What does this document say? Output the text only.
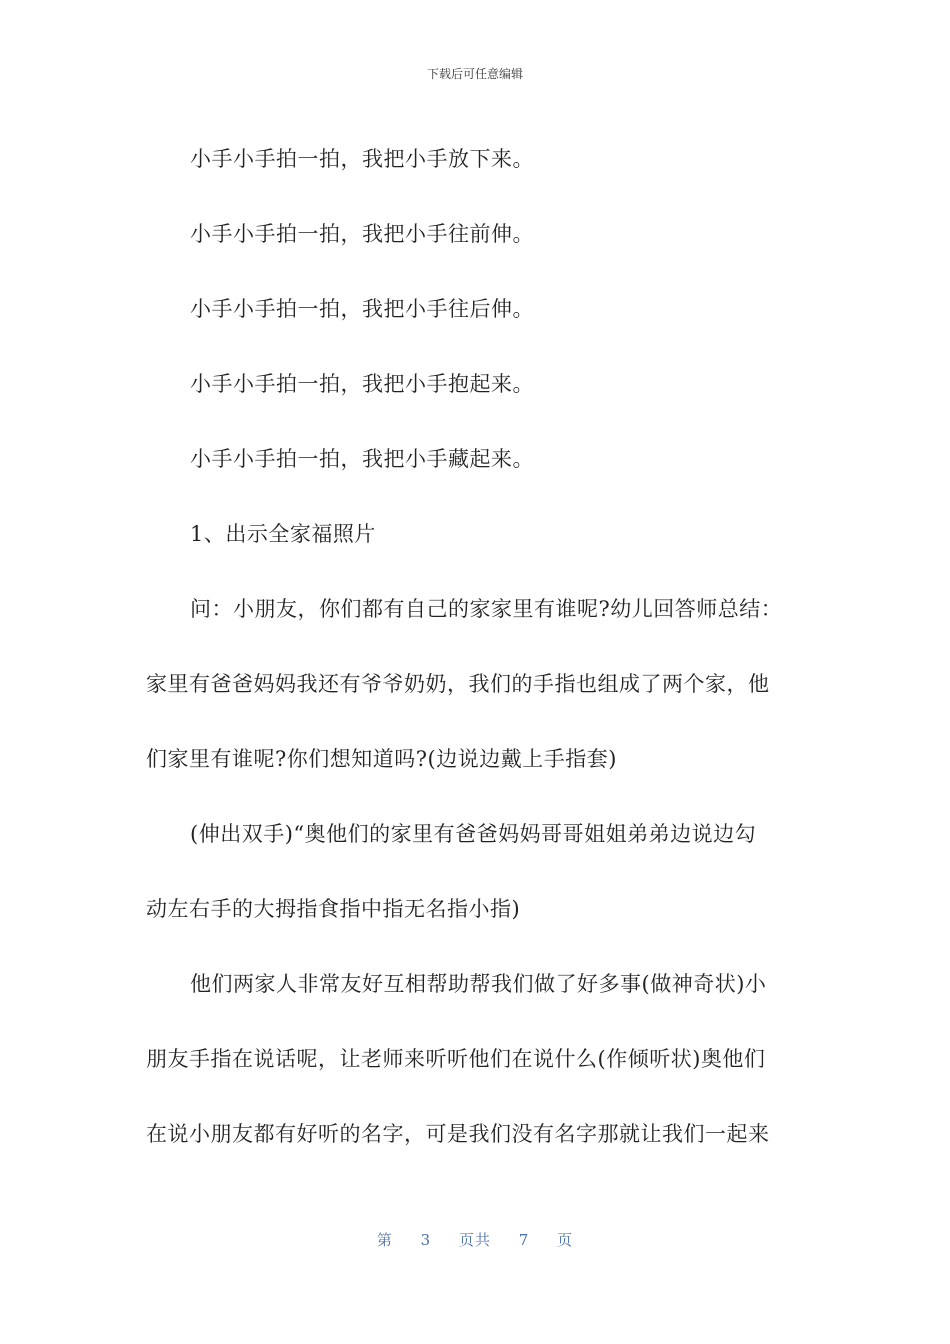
下载后可任意编辑
小手小手拍一拍，我把小手放下来。
小手小手拍一拍，我把小手往前伸。
小手小手拍一拍，我把小手往后伸。
小手小手拍一拍，我把小手抱起来。
小手小手拍一拍，我把小手藏起来。
1、出示全家福照片
问：小朋友，你们都有自己的家家里有谁呢?幼儿回答师总结：
家里有爸爸妈妈我还有爷爷奶奶，我们的手指也组成了两个家，他
们家里有谁呢?你们想知道吗?(边说边戴上手指套)
(伸出双手)“奥他们的家里有爸爸妈妈哥哥姐姐弟弟边说边勾
动左右手的大拇指食指中指无名指小指)
他们两家人非常友好互相帮助帮我们做了好多事(做神奇状)小
朋友手指在说话呢，让老师来听听他们在说什么(作倾听状)奥他们
在说小朋友都有好听的名字，可是我们没有名字那就让我们一起来
第 3 页共 7 页
